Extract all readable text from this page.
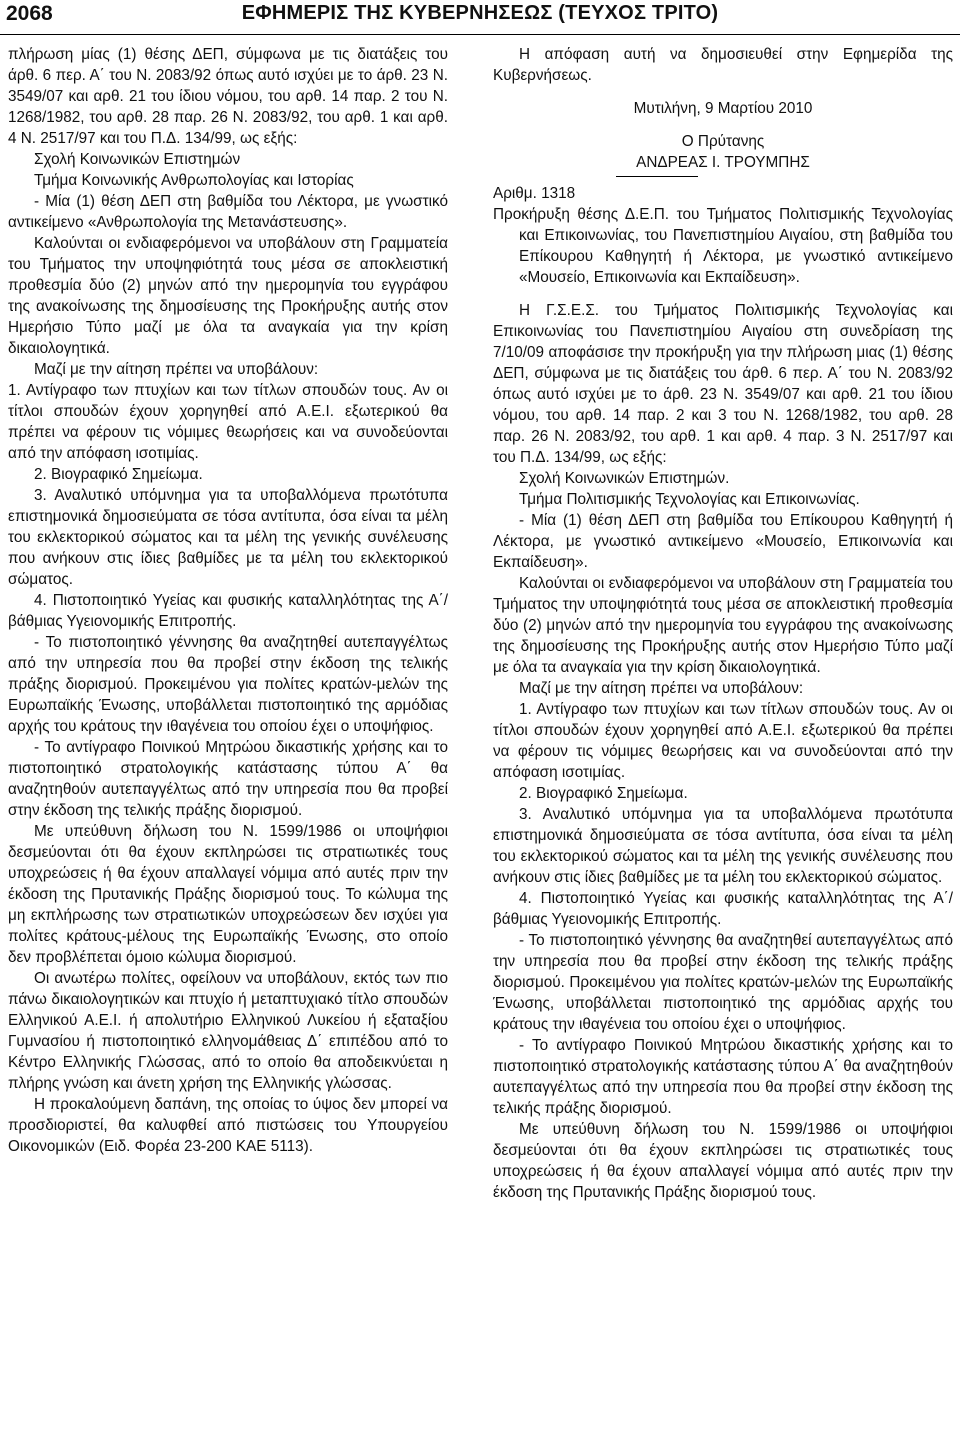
2068	ΕΦΗΜΕΡΙΣ ΤΗΣ ΚΥΒΕΡΝΗΣΕΩΣ (ΤΕΥΧΟΣ ΤΡΙΤΟ)

πλήρωση μίας (1) θέσης ΔΕΠ, σύμφωνα με τις διατάξεις του άρθ. 6 περ. Α΄ του Ν. 2083/92 όπως αυτό ισχύει με το άρθ. 23 Ν. 3549/07 και αρθ. 21 του ίδιου νόμου, του αρθ. 14 παρ. 2 του Ν. 1268/1982, του αρθ. 28 παρ. 26 Ν. 2083/92, του αρθ. 1 και αρθ. 4 Ν. 2517/97 και του Π.Δ. 134/99, ως εξής:

Σχολή Κοινωνικών Επιστημών

Τμήμα Κοινωνικής Ανθρωπολογίας και Ιστορίας

- Μία (1) θέση ΔΕΠ στη βαθμίδα του Λέκτορα, με γνωστικό αντικείμενο «Ανθρωπολογία της Μετανάστευσης».

Καλούνται οι ενδιαφερόμενοι να υποβάλουν στη Γραμματεία του Τμήματος την υποψηφιότητά τους μέσα σε αποκλειστική προθεσμία δύο (2) μηνών από την ημερομηνία του εγγράφου της ανακοίνωσης της δημοσίευσης της Προκήρυξης αυτής στον Ημερήσιο Τύπο μαζί με όλα τα αναγκαία για την κρίση δικαιολογητικά.

Μαζί με την αίτηση πρέπει να υποβάλουν:

1. Αντίγραφο των πτυχίων και των τίτλων σπουδών τους. Αν οι τίτλοι σπουδών έχουν χορηγηθεί από Α.Ε.Ι. εξωτερικού θα πρέπει να φέρουν τις νόμιμες θεωρήσεις και να συνοδεύονται από την απόφαση ισοτιμίας.

2. Βιογραφικό Σημείωμα.

3. Αναλυτικό υπόμνημα για τα υποβαλλόμενα πρωτότυπα επιστημονικά δημοσιεύματα σε τόσα αντίτυπα, όσα είναι τα μέλη του εκλεκτορικού σώματος και τα μέλη της γενικής συνέλευσης που ανήκουν στις ίδιες βαθμίδες με τα μέλη του εκλεκτορικού σώματος.

4. Πιστοποιητικό Υγείας και φυσικής καταλληλότητας της Α΄/βάθμιας Υγειονομικής Επιτροπής.

- Το πιστοποιητικό γέννησης θα αναζητηθεί αυτεπαγγέλτως από την υπηρεσία που θα προβεί στην έκδοση της τελικής πράξης διορισμού. Προκειμένου για πολίτες κρατών-μελών της Ευρωπαϊκής Ένωσης, υποβάλλεται πιστοποιητικό της αρμόδιας αρχής του κράτους την ιθαγένεια του οποίου έχει ο υποψήφιος.

- Το αντίγραφο Ποινικού Μητρώου δικαστικής χρήσης και το πιστοποιητικό στρατολογικής κατάστασης τύπου Α΄ θα αναζητηθούν αυτεπαγγέλτως από την υπηρεσία που θα προβεί στην έκδοση της τελικής πράξης διορισμού.

Με υπεύθυνη δήλωση του Ν. 1599/1986 οι υποψήφιοι δεσμεύονται ότι θα έχουν εκπληρώσει τις στρατιωτικές τους υποχρεώσεις ή θα έχουν απαλλαγεί νόμιμα από αυτές πριν την έκδοση της Πρυτανικής Πράξης διορισμού τους. Το κώλυμα της μη εκπλήρωσης των στρατιωτικών υποχρεώσεων δεν ισχύει για πολίτες κράτους-μέλους της Ευρωπαϊκής Ένωσης, στο οποίο δεν προβλέπεται όμοιο κώλυμα διορισμού.

Οι ανωτέρω πολίτες, οφείλουν να υποβάλουν, εκτός των πιο πάνω δικαιολογητικών και πτυχίο ή μεταπτυχιακό τίτλο σπουδών Ελληνικού Α.Ε.Ι. ή απολυτήριο Ελληνικού Λυκείου ή εξαταξίου Γυμνασίου ή πιστοποιητικό ελληνομάθειας Δ΄ επιπέδου από το Κέντρο Ελληνικής Γλώσσας, από το οποίο θα αποδεικνύεται η πλήρης γνώση και άνετη χρήση της Ελληνικής γλώσσας.

Η προκαλούμενη δαπάνη, της οποίας το ύψος δεν μπορεί να προσδιοριστεί, θα καλυφθεί από πιστώσεις του Υπουργείου Οικονομικών (Ειδ. Φορέα 23-200 ΚΑΕ 5113).

Η απόφαση αυτή να δημοσιευθεί στην Εφημερίδα της Κυβερνήσεως.

Μυτιλήνη, 9 Μαρτίου 2010

Ο Πρύτανης

ΑΝΔΡΕΑΣ Ι. ΤΡΟΥΜΠΗΣ

Αριθμ. 1318

Προκήρυξη θέσης Δ.Ε.Π. του Τμήματος Πολιτισμικής Τεχνολογίας και Επικοινωνίας, του Πανεπιστημίου Αιγαίου, στη βαθμίδα του Επίκουρου Καθηγητή ή Λέκτορα, με γνωστικό αντικείμενο «Μουσείο, Επικοινωνία και Εκπαίδευση».

Η Γ.Σ.Ε.Σ. του Τμήματος Πολιτισμικής Τεχνολογίας και Επικοινωνίας του Πανεπιστημίου Αιγαίου στη συνεδρίαση της 7/10/09 αποφάσισε την προκήρυξη για την πλήρωση μιας (1) θέσης ΔΕΠ, σύμφωνα με τις διατάξεις του άρθ. 6 περ. Α΄ του Ν. 2083/92 όπως αυτό ισχύει με το άρθ. 23 Ν. 3549/07 και αρθ. 21 του ίδιου νόμου, του αρθ. 14 παρ. 2 και 3 του Ν. 1268/1982, του αρθ. 28 παρ. 26 Ν. 2083/92, του αρθ. 1 και αρθ. 4 παρ. 3 Ν. 2517/97 και του Π.Δ. 134/99, ως εξής:

Σχολή Κοινωνικών Επιστημών.

Τμήμα Πολιτισμικής Τεχνολογίας και Επικοινωνίας.

- Μία (1) θέση ΔΕΠ στη βαθμίδα του Επίκουρου Καθηγητή ή Λέκτορα, με γνωστικό αντικείμενο «Μουσείο, Επικοινωνία και Εκπαίδευση».

Καλούνται οι ενδιαφερόμενοι να υποβάλουν στη Γραμματεία του Τμήματος την υποψηφιότητά τους μέσα σε αποκλειστική προθεσμία δύο (2) μηνών από την ημερομηνία του εγγράφου της ανακοίνωσης της δημοσίευσης της Προκήρυξης αυτής στον Ημερήσιο Τύπο μαζί με όλα τα αναγκαία για την κρίση δικαιολογητικά.

Μαζί με την αίτηση πρέπει να υποβάλουν:

1. Αντίγραφο των πτυχίων και των τίτλων σπουδών τους. Αν οι τίτλοι σπουδών έχουν χορηγηθεί από Α.Ε.Ι. εξωτερικού θα πρέπει να φέρουν τις νόμιμες θεωρήσεις και να συνοδεύονται από την απόφαση ισοτιμίας.

2. Βιογραφικό Σημείωμα.

3. Αναλυτικό υπόμνημα για τα υποβαλλόμενα πρωτότυπα επιστημονικά δημοσιεύματα σε τόσα αντίτυπα, όσα είναι τα μέλη του εκλεκτορικού σώματος και τα μέλη της γενικής συνέλευσης που ανήκουν στις ίδιες βαθμίδες με τα μέλη του εκλεκτορικού σώματος.

4. Πιστοποιητικό Υγείας και φυσικής καταλληλότητας της Α΄/βάθμιας Υγειονομικής Επιτροπής.

- Το πιστοποιητικό γέννησης θα αναζητηθεί αυτεπαγγέλτως από την υπηρεσία που θα προβεί στην έκδοση της τελικής πράξης διορισμού. Προκειμένου για πολίτες κρατών-μελών της Ευρωπαϊκής Ένωσης, υποβάλλεται πιστοποιητικό της αρμόδιας αρχής του κράτους την ιθαγένεια του οποίου έχει ο υποψήφιος.

- Το αντίγραφο Ποινικού Μητρώου δικαστικής χρήσης και το πιστοποιητικό στρατολογικής κατάστασης τύπου Α΄ θα αναζητηθούν αυτεπαγγέλτως από την υπηρεσία που θα προβεί στην έκδοση της τελικής πράξης διορισμού.

Με υπεύθυνη δήλωση του Ν. 1599/1986 οι υποψήφιοι δεσμεύονται ότι θα έχουν εκπληρώσει τις στρατιωτικές τους υποχρεώσεις ή θα έχουν απαλλαγεί νόμιμα από αυτές πριν την έκδοση της Πρυτανικής Πράξης διορισμού τους.
